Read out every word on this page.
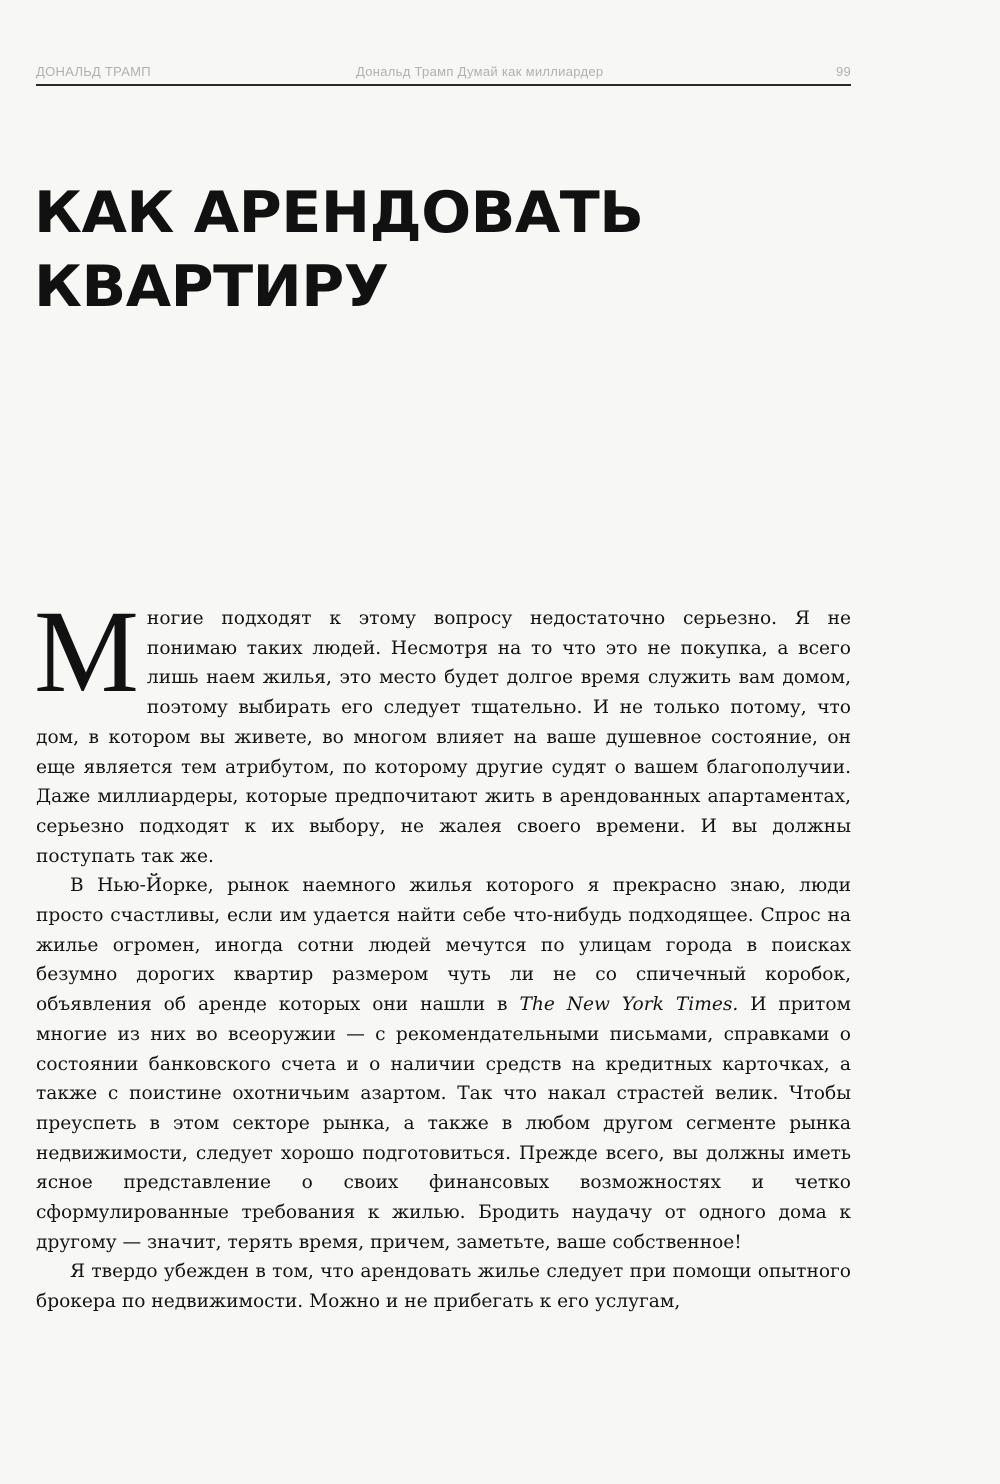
ДОНАЛЬД ТРАМП	Дональд Трамп Думай как миллиардер	99
КАК АРЕНДОВАТЬ
КВАРТИРУ

Многие подходят к этому вопросу недостаточно серьезно. Я не понимаю таких людей. Несмотря на то что это не покупка, а всего лишь наем жилья, это место будет долгое время служить вам домом, поэтому выбирать его следует тщательно. И не только потому, что дом, в котором вы живете, во многом влияет на ваше душевное состояние, он еще является тем атрибутом, по которому другие судят о вашем благополучии. Даже миллиардеры, которые предпочитают жить в арендованных апартаментах, серьезно подходят к их выбору, не жалея своего времени. И вы должны поступать так же.

В Нью-Йорке, рынок наемного жилья которого я прекрасно знаю, люди просто счастливы, если им удается найти себе что-нибудь подходящее. Спрос на жилье огромен, иногда сотни людей мечутся по улицам города в поисках безумно дорогих квартир размером чуть ли не со спичечный коробок, объявления об аренде которых они нашли в The New York Times. И притом многие из них во всеоружии — с рекомендательными письмами, справками о состоянии банковского счета и о наличии средств на кредитных карточках, а также с поистине охотничьим азартом. Так что накал страстей велик. Чтобы преуспеть в этом секторе рынка, а также в любом другом сегменте рынка недвижимости, следует хорошо подготовиться. Прежде всего, вы должны иметь ясное представление о своих финансовых возможностях и четко сформулированные требования к жилью. Бродить наудачу от одного дома к другому — значит, терять время, причем, заметьте, ваше собственное!

Я твердо убежден в том, что арендовать жилье следует при помощи опытного брокера по недвижимости. Можно и не прибегать к его услугам,
